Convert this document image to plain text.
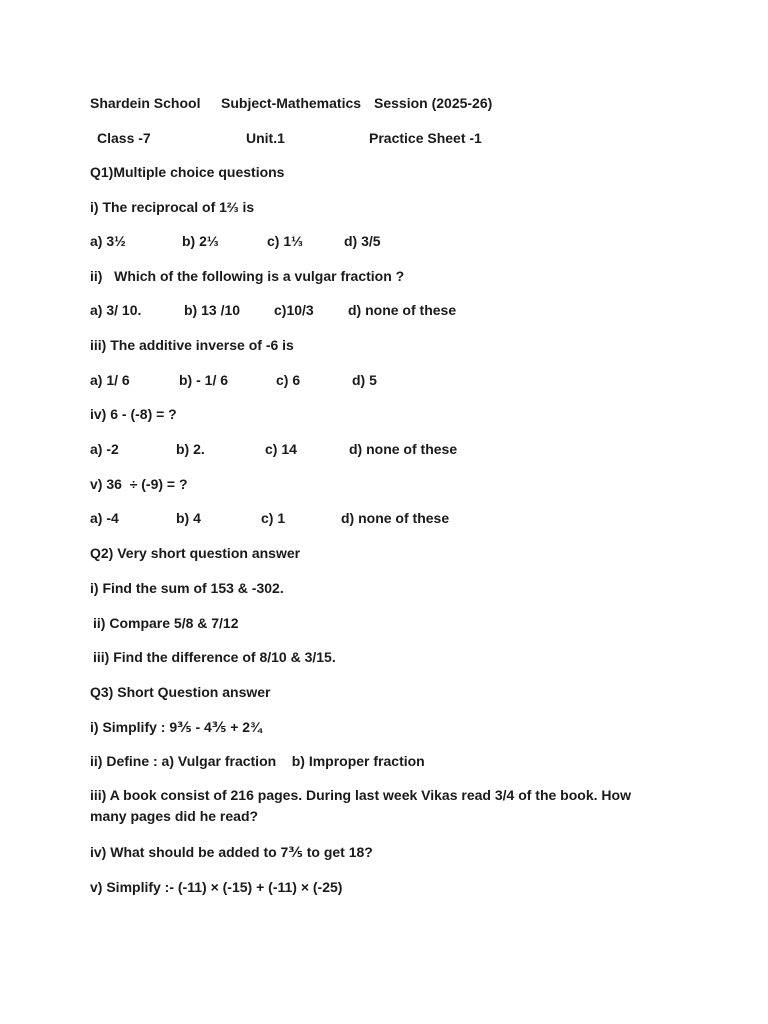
Shardein School Subject-Mathematics Session (2025-26)
Class -7	Unit.1	Practice Sheet -1
Q1)Multiple choice questions
i) The reciprocal of 1⅔ is
a) 3½	b) 2⅓	c) 1⅓	d) 3/5
ii)   Which of the following is a vulgar fraction ?
a) 3/ 10.	b) 13 /10 c)10/3 d) none of these
iii) The additive inverse of -6 is
a) 1/ 6	b) - 1/ 6	c) 6	d) 5
iv) 6 - (-8) = ?
a) -2	b) 2.	c) 14	d) none of these
v) 36  ÷ (-9) = ?
a) -4	b) 4	c) 1	d) none of these
Q2) Very short question answer
i) Find the sum of 153 & -302.
ii) Compare 5/8 & 7/12
iii) Find the difference of 8/10 & 3/15.
Q3) Short Question answer
i) Simplify : 9⅗ - 4⅗ + 2¾
ii) Define : a) Vulgar fraction    b) Improper fraction
iii) A book consist of 216 pages. During last week Vikas read 3/4 of the book. How many pages did he read?
iv) What should be added to 7⅗ to get 18?
v) Simplify :- (-11) × (-15) + (-11) × (-25)
